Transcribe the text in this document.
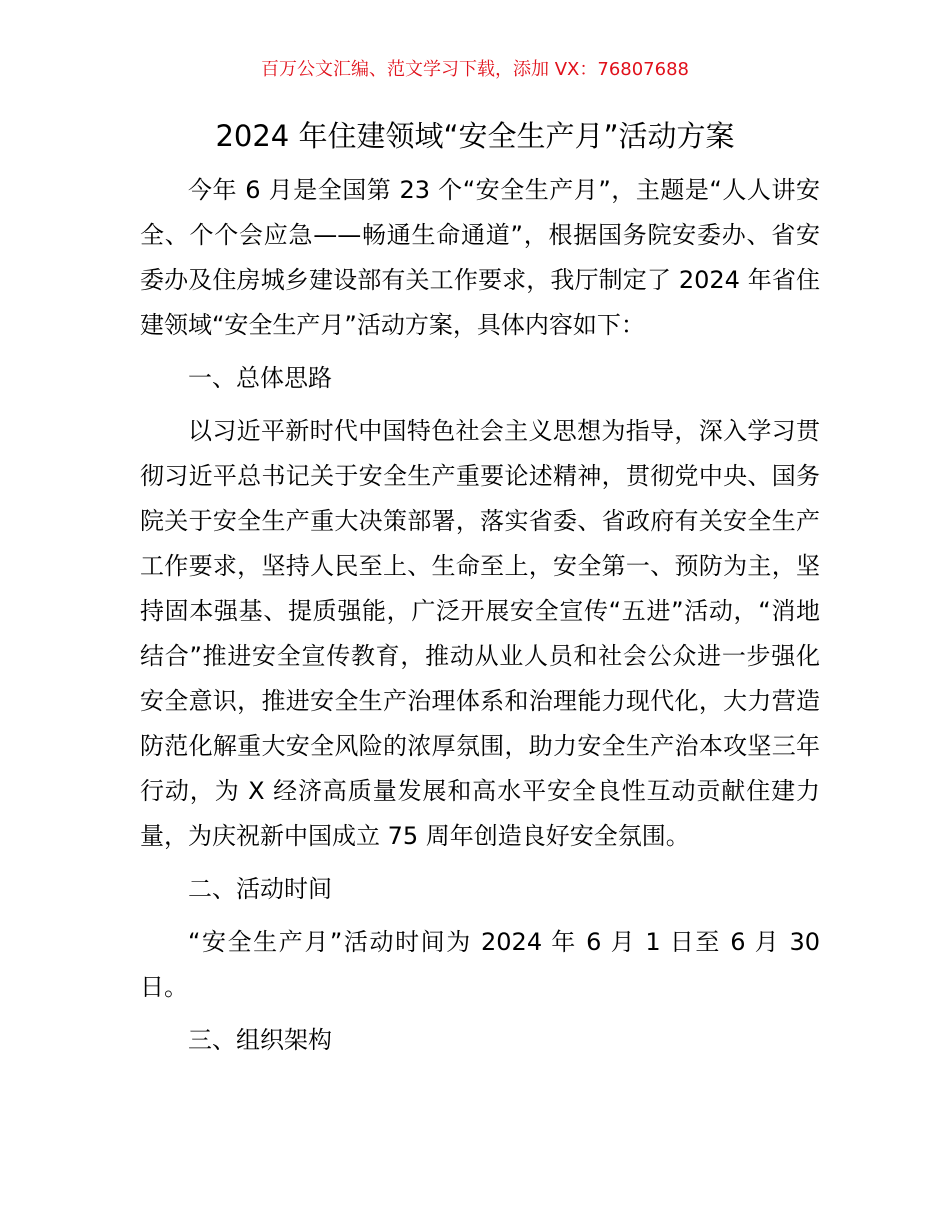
百万公文汇编、范文学习下载，添加 VX：76807688
2024 年住建领域“安全生产月”活动方案

今年 6 月是全国第 23 个“安全生产月”，主题是“人人讲安全、个个会应急——畅通生命通道”，根据国务院安委办、省安委办及住房城乡建设部有关工作要求，我厅制定了 2024 年省住建领域“安全生产月”活动方案，具体内容如下：

一、总体思路

以习近平新时代中国特色社会主义思想为指导，深入学习贯彻习近平总书记关于安全生产重要论述精神，贯彻党中央、国务院关于安全生产重大决策部署，落实省委、省政府有关安全生产工作要求，坚持人民至上、生命至上，安全第一、预防为主，坚持固本强基、提质强能，广泛开展安全宣传“五进”活动，“消地结合”推进安全宣传教育，推动从业人员和社会公众进一步强化安全意识，推进安全生产治理体系和治理能力现代化，大力营造防范化解重大安全风险的浓厚氛围，助力安全生产治本攻坚三年行动，为 X 经济高质量发展和高水平安全良性互动贡献住建力量，为庆祝新中国成立 75 周年创造良好安全氛围。

二、活动时间

“安全生产月”活动时间为 2024 年 6 月 1 日至 6 月 30 日。

三、组织架构
